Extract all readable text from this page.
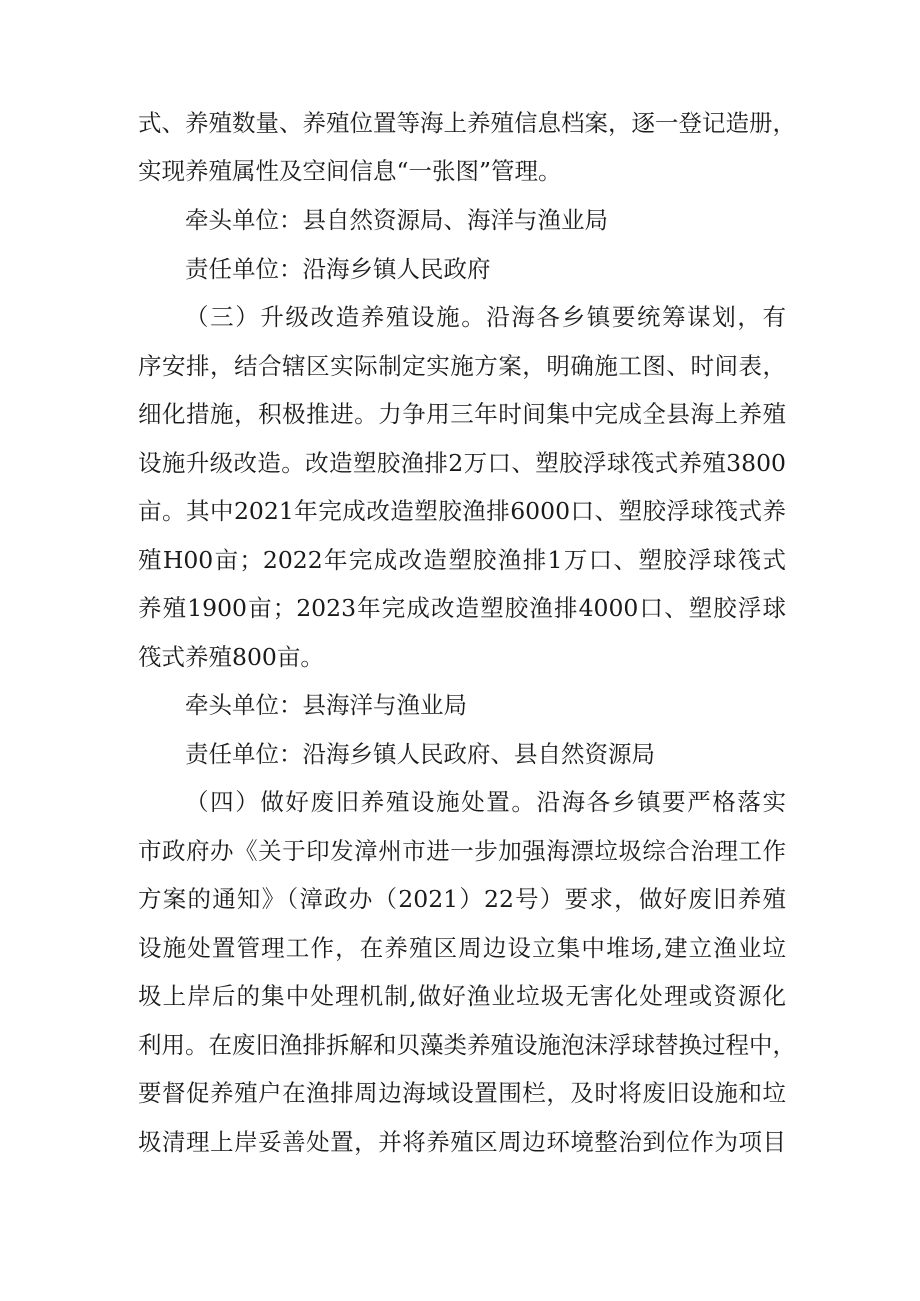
式、养殖数量、养殖位置等海上养殖信息档案，逐一登记造册，
实现养殖属性及空间信息“一张图”管理。
牵头单位：县自然资源局、海洋与渔业局
责任单位：沿海乡镇人民政府
（三）升级改造养殖设施。沿海各乡镇要统筹谋划，有
序安排，结合辖区实际制定实施方案，明确施工图、时间表，
细化措施，积极推进。力争用三年时间集中完成全县海上养殖
设施升级改造。改造塑胶渔排2万口、塑胶浮球筏式养殖3800
亩。其中2021年完成改造塑胶渔排6000口、塑胶浮球筏式养
殖H00亩；2022年完成改造塑胶渔排1万口、塑胶浮球筏式
养殖1900亩；2023年完成改造塑胶渔排4000口、塑胶浮球
筏式养殖800亩。
牵头单位：县海洋与渔业局
责任单位：沿海乡镇人民政府、县自然资源局
（四）做好废旧养殖设施处置。沿海各乡镇要严格落实
市政府办《关于印发漳州市进一步加强海漂垃圾综合治理工作
方案的通知》（漳政办（2021）22号）要求，做好废旧养殖
设施处置管理工作，在养殖区周边设立集中堆场,建立渔业垃
圾上岸后的集中处理机制,做好渔业垃圾无害化处理或资源化
利用。在废旧渔排拆解和贝藻类养殖设施泡沫浮球替换过程中，
要督促养殖户在渔排周边海域设置围栏，及时将废旧设施和垃
圾清理上岸妥善处置，并将养殖区周边环境整治到位作为项目
